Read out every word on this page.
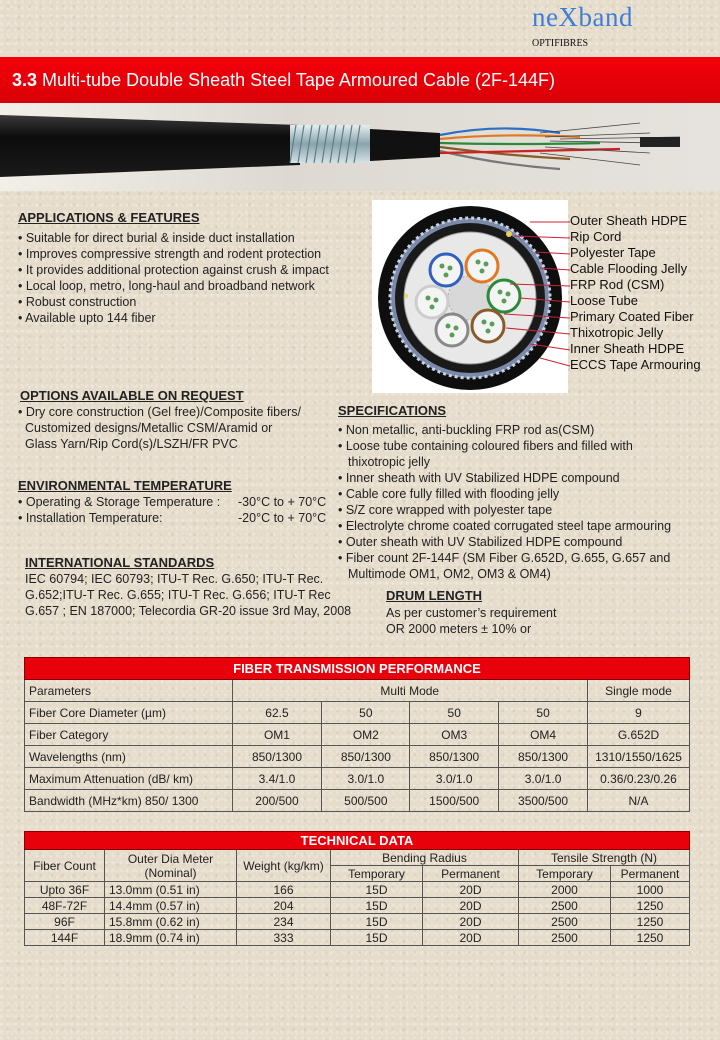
neXband
OPTIFIBRES
3.3 Multi-tube Double Sheath Steel Tape Armoured Cable (2F-144F)
APPLICATIONS & FEATURES
• Suitable for direct burial & inside duct installation
• Improves compressive strength and rodent protection
• It provides additional protection against crush & impact
• Local loop, metro, long-haul and broadband network
• Robust construction
• Available upto 144 fiber
Outer Sheath HDPE
Rip Cord
Polyester Tape
Cable Flooding Jelly
FRP Rod (CSM)
Loose Tube
Primary Coated Fiber
Thixotropic Jelly
Inner Sheath HDPE
ECCS Tape Armouring
OPTIONS AVAILABLE ON REQUEST
• Dry core construction (Gel free)/Composite fibers/
Customized designs/Metallic CSM/Aramid or
Glass Yarn/Rip Cord(s)/LSZH/FR PVC
ENVIRONMENTAL TEMPERATURE
• Operating & Storage Temperature : -30°C to + 70°C
• Installation Temperature:	-20°C to + 70°C
INTERNATIONAL STANDARDS
IEC 60794; IEC 60793; ITU-T Rec. G.650; ITU-T Rec.
G.652;ITU-T Rec. G.655; ITU-T Rec. G.656; ITU-T Rec
G.657 ; EN 187000; Telecordia GR-20 issue 3rd May, 2008
SPECIFICATIONS
• Non metallic, anti-buckling FRP rod as(CSM)
• Loose tube containing coloured fibers and filled with
thixotropic jelly
• Inner sheath with UV Stabilized HDPE compound
• Cable core fully filled with flooding jelly
• S/Z core wrapped with polyester tape
• Electrolyte chrome coated corrugated steel tape armouring
• Outer sheath with UV Stabilized HDPE compound
• Fiber count 2F-144F (SM Fiber G.652D, G.655, G.657 and
Multimode OM1, OM2, OM3 & OM4)
DRUM LENGTH
As per customer’s requirement
OR 2000 meters ± 10% or
FIBER TRANSMISSION PERFORMANCE					
Parameters	Multi Mode				Single mode
Fiber Core Diameter (µm)	62.5	50	50	50	9
Fiber Category	OM1	OM2	OM3	OM4	G.652D
Wavelengths (nm)	850/1300	850/1300	850/1300	850/1300	1310/1550/1625
Maximum Attenuation (dB/ km)	3.4/1.0	3.0/1.0	3.0/1.0	3.0/1.0	0.36/0.23/0.26
Bandwidth (MHz*km) 850/ 1300	200/500	500/500	1500/500	3500/500	N/A
TECHNICAL DATA						
Fiber Count	Outer Dia Meter
(Nominal)	Weight (kg/km)	Bending Radius		Tensile Strength (N)	
			Temporary	Permanent	Temporary	Permanent
Upto 36F	13.0mm (0.51 in)	166	15D	20D	2000	1000
48F-72F	14.4mm (0.57 in)	204	15D	20D	2500	1250
96F	15.8mm (0.62 in)	234	15D	20D	2500	1250
144F	18.9mm (0.74 in)	333	15D	20D	2500	1250
